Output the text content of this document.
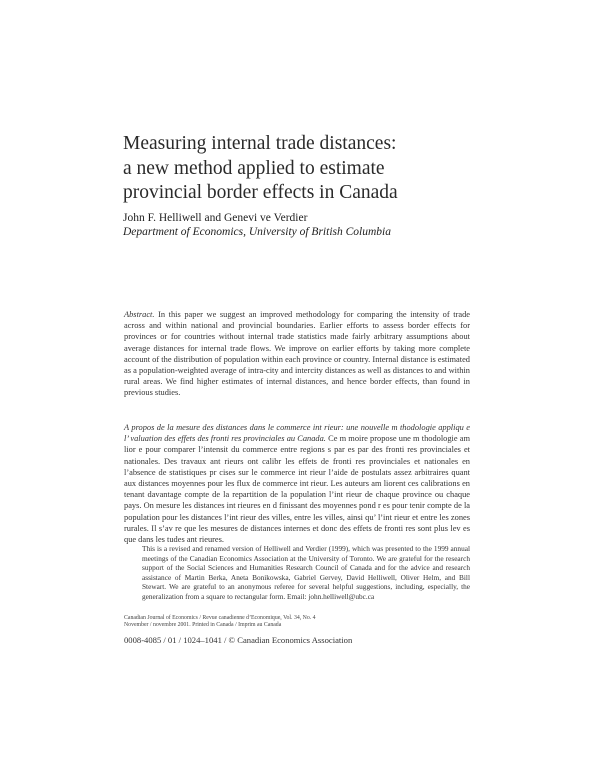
Measuring internal trade distances:
a new method applied to estimate
provincial border effects in Canada
John F. Helliwell and Genevi ve Verdier
Department of Economics, University of British Columbia
Abstract. In this paper we suggest an improved methodology for comparing the intensity of trade across and within national and provincial boundaries. Earlier efforts to assess border effects for provinces or for countries without internal trade statistics made fairly arbitrary assumptions about average distances for internal trade flows. We improve on earlier efforts by taking more complete account of the distribution of population within each province or country. Internal distance is estimated as a population-weighted average of intra-city and intercity distances as well as distances to and within rural areas. We find higher estimates of internal distances, and hence border effects, than found in previous studies.
A propos de la mesure des distances dans le commerce int rieur: une nouvelle m thodologie appliqu e l’ valuation des effets des fronti res provinciales au Canada. Ce m moire propose une m thodologie am lior e pour comparer l’intensit du commerce entre regions s par es par des fronti res provinciales et nationales. Des travaux ant rieurs ont calibr les effets de fronti res provinciales et nationales en l’absence de statistiques pr cises sur le commerce int rieur l’aide de postulats assez arbitraires quant aux distances moyennes pour les flux de commerce int rieur. Les auteurs am liorent ces calibrations en tenant davantage compte de la repartition de la population l’int rieur de chaque province ou chaque pays. On mesure les distances int rieures en d finissant des moyennes pond r es pour tenir compte de la population pour les distances l’int rieur des villes, entre les villes, ainsi qu’ l’int rieur et entre les zones rurales. Il s’av re que les mesures de distances internes et donc des effets de fronti res sont plus lev es que dans les tudes ant rieures.
This is a revised and renamed version of Helliwell and Verdier (1999), which was presented to the 1999 annual meetings of the Canadian Economics Association at the University of Toronto. We are grateful for the research support of the Social Sciences and Humanities Research Council of Canada and for the advice and research assistance of Martin Berka, Aneta Bonikowska, Gabriel Gervey, David Helliwell, Oliver Helm, and Bill Stewart. We are grateful to an anonymous referee for several helpful suggestions, including, especially, the generalization from a square to rectangular form. Email: john.helliwell@ubc.ca
Canadian Journal of Economics / Revue canadienne d’Economique, Vol. 34, No. 4
November / novembre 2001. Printed in Canada / Imprim au Canada
0008-4085 / 01 / 1024–1041 / © Canadian Economics Association
